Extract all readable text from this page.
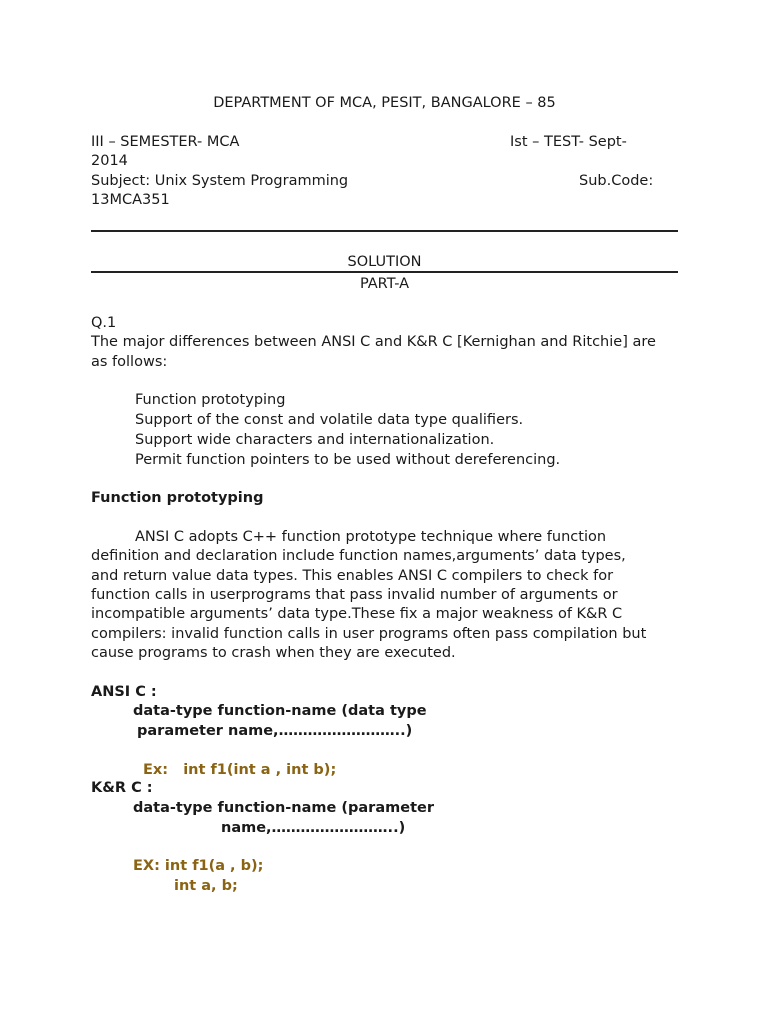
DEPARTMENT OF MCA, PESIT, BANGALORE – 85
III – SEMESTER- MCA	Ist – TEST- Sept-
2014
Subject: Unix System Programming	Sub.Code:
13MCA351
SOLUTION
PART-A
Q.1
The major differences between ANSI C and K&R C [Kernighan and Ritchie] are
as follows:
Function prototyping
Support of the const and volatile data type qualifiers.
Support wide characters and internationalization.
Permit function pointers to be used without dereferencing.
Function prototyping
ANSI C adopts C++ function prototype technique where function
definition and declaration include function names,arguments’ data types,
and return value data types. This enables ANSI C compilers to check for
function calls in userprograms that pass invalid number of arguments or
incompatible arguments’ data type.These fix a major weakness of K&R C
compilers: invalid function calls in user programs often pass compilation but
cause programs to crash when they are executed.
ANSI C :
data-type function-name (data type
parameter name,……………………..)
Ex:   int f1(int a , int b);
K&R C :
data-type function-name (parameter
name,……………………..)
EX: int f1(a , b);
int a, b;
